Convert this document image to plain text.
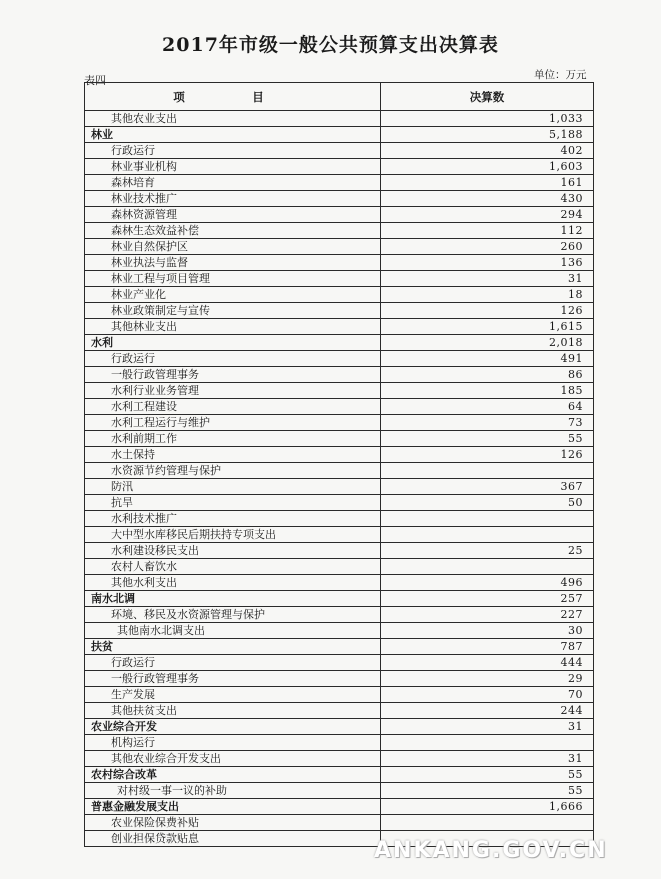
2017年市级一般公共预算支出决算表
表四	单位：万元
项　目	决算数
其他农业支出	1,033
林业	5,188
行政运行	402
林业事业机构	1,603
森林培育	161
林业技术推广	430
森林资源管理	294
森林生态效益补偿	112
林业自然保护区	260
林业执法与监督	136
林业工程与项目管理	31
林业产业化	18
林业政策制定与宣传	126
其他林业支出	1,615
水利	2,018
行政运行	491
一般行政管理事务	86
水利行业业务管理	185
水利工程建设	64
水利工程运行与维护	73
水利前期工作	55
水土保持	126
水资源节约管理与保护	
防汛	367
抗旱	50
水利技术推广	
大中型水库移民后期扶持专项支出	
水利建设移民支出	25
农村人畜饮水	
其他水利支出	496
南水北调	257
环境、移民及水资源管理与保护	227
其他南水北调支出	30
扶贫	787
行政运行	444
一般行政管理事务	29
生产发展	70
其他扶贫支出	244
农业综合开发	31
机构运行	
其他农业综合开发支出	31
农村综合改革	55
对村级一事一议的补助	55
普惠金融发展支出	1,666
农业保险保费补贴	
创业担保贷款贴息		ANKANG.GOV.CN
